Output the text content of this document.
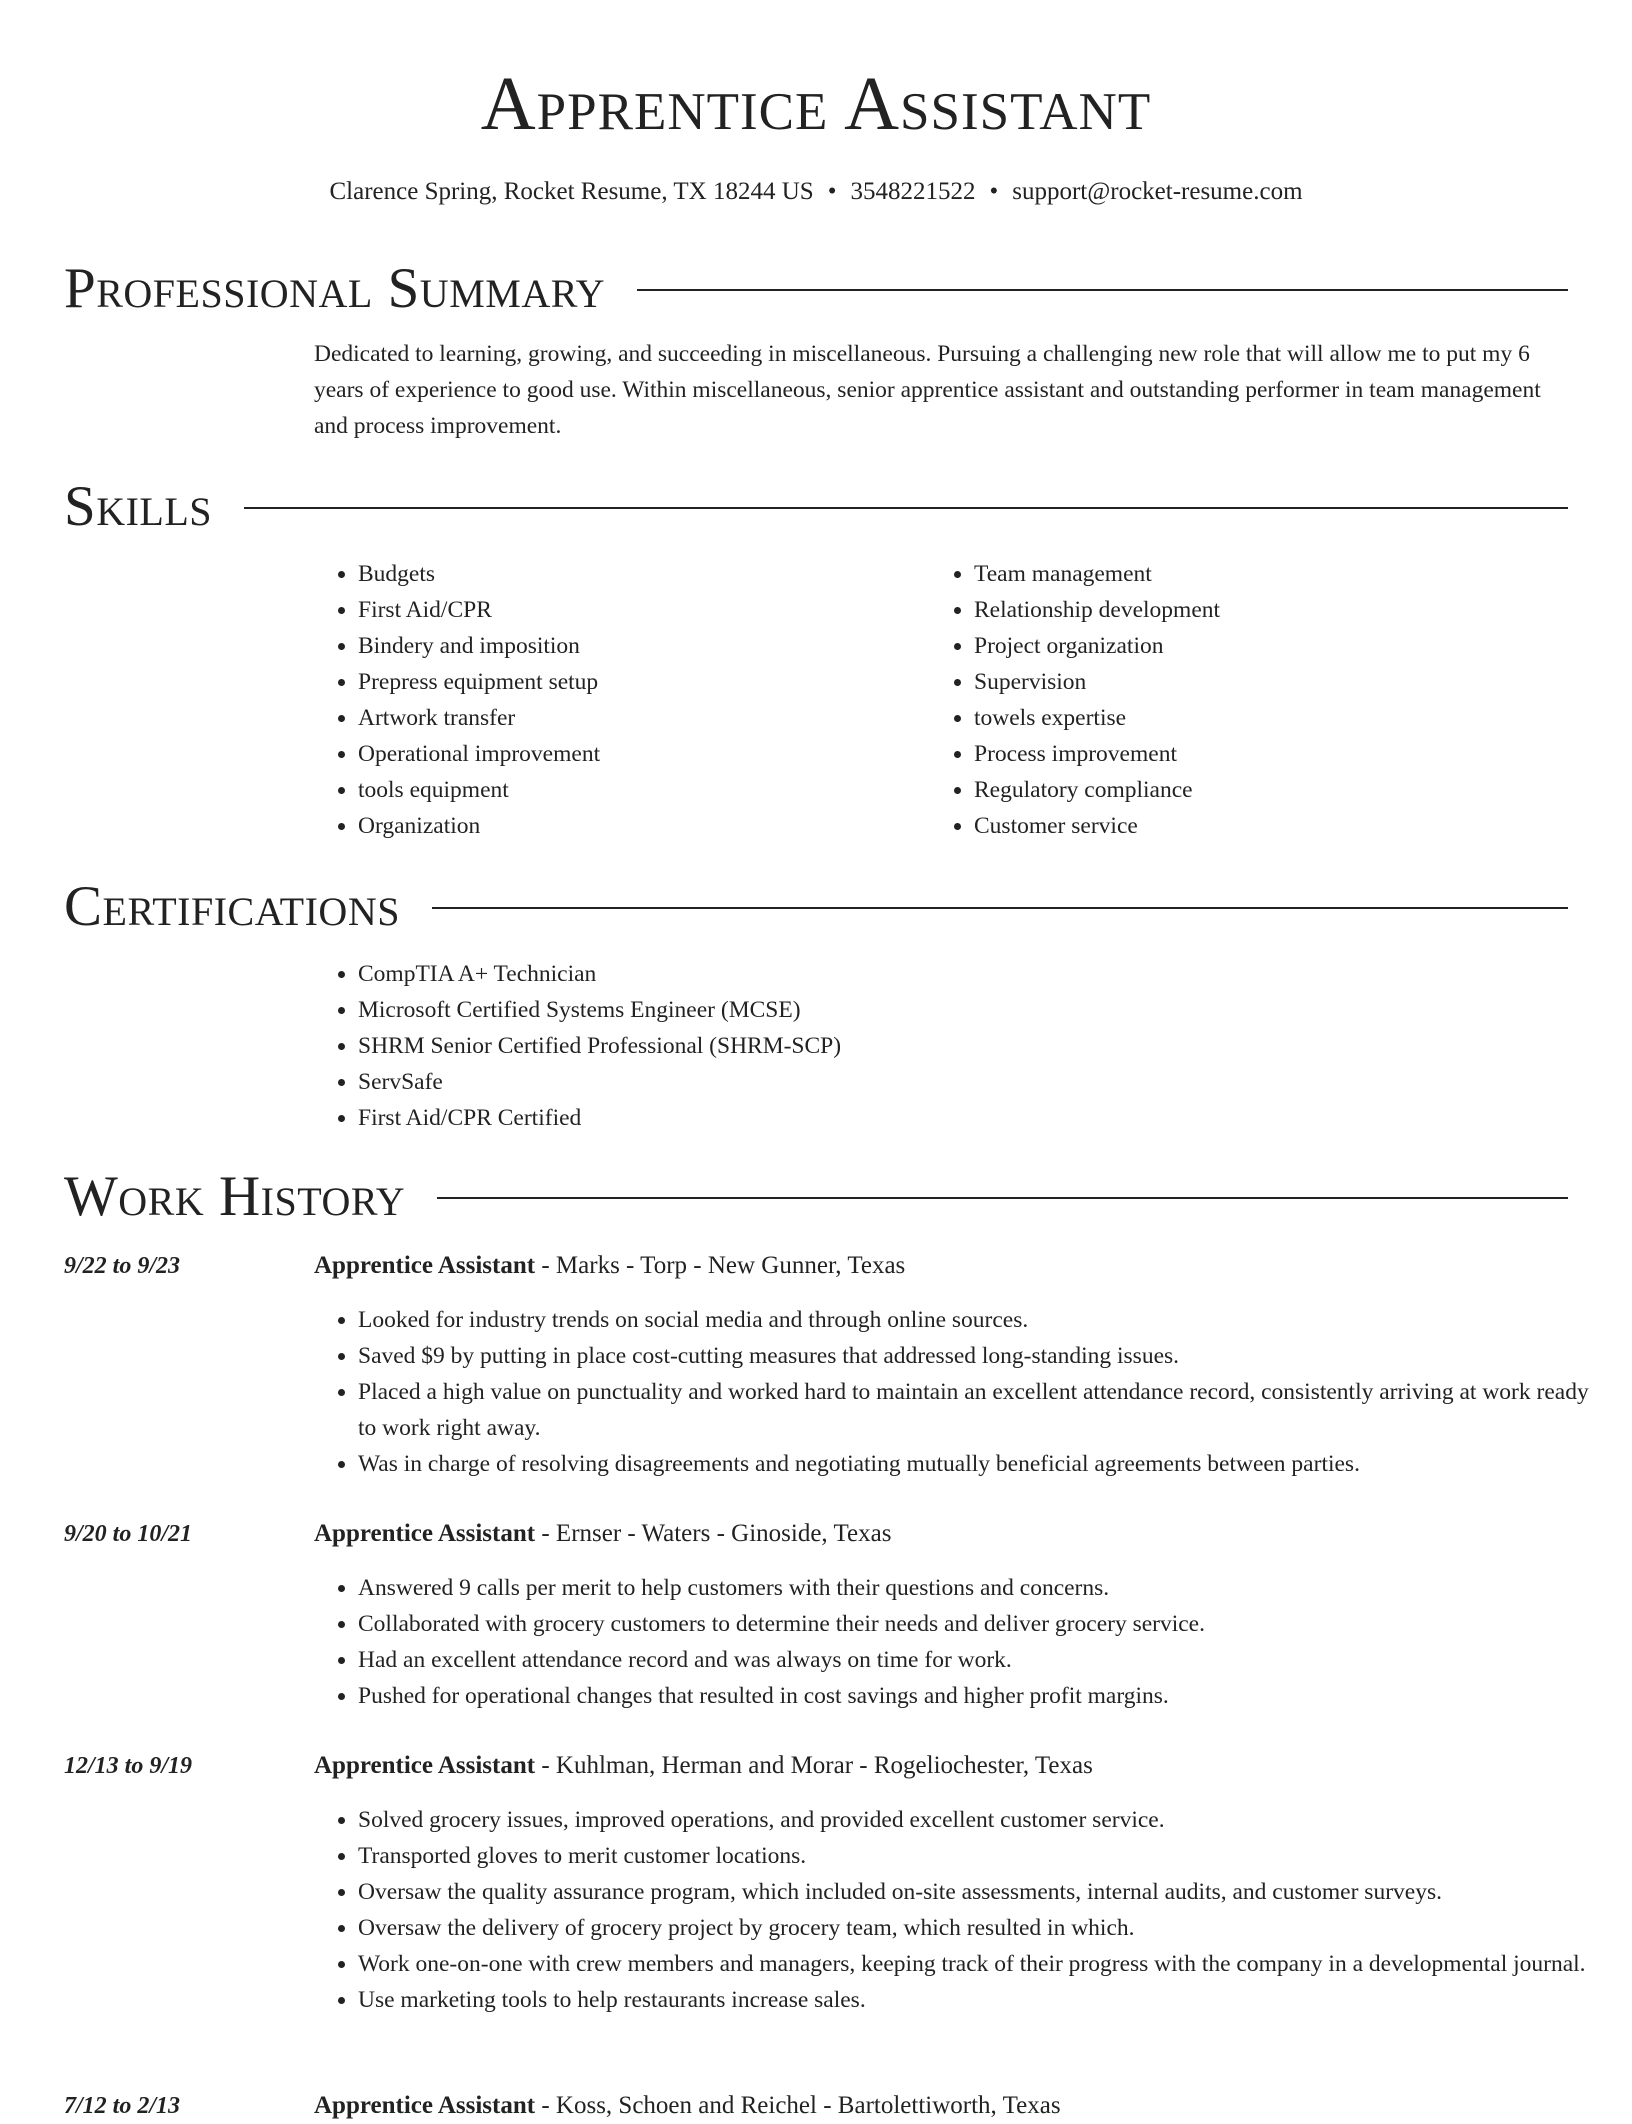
Apprentice Assistant
Clarence Spring, Rocket Resume, TX 18244 US • 3548221522 • support@rocket-resume.com
Professional Summary

Dedicated to learning, growing, and succeeding in miscellaneous. Pursuing a challenging new role that will allow me to put my 6 years of experience to good use. Within miscellaneous, senior apprentice assistant and outstanding performer in team management and process improvement.

Skills
• Budgets
• First Aid/CPR
• Bindery and imposition
• Prepress equipment setup
• Artwork transfer
• Operational improvement
• tools equipment
• Organization
• Team management
• Relationship development
• Project organization
• Supervision
• towels expertise
• Process improvement
• Regulatory compliance
• Customer service
Certifications
• CompTIA A+ Technician
• Microsoft Certified Systems Engineer (MCSE)
• SHRM Senior Certified Professional (SHRM-SCP)
• ServSafe
• First Aid/CPR Certified
Work History
9/22 to 9/23	Apprentice Assistant - Marks - Torp - New Gunner, Texas
• Looked for industry trends on social media and through online sources.
• Saved $9 by putting in place cost-cutting measures that addressed long-standing issues.
• Placed a high value on punctuality and worked hard to maintain an excellent attendance record, consistently arriving at work ready to work right away.
• Was in charge of resolving disagreements and negotiating mutually beneficial agreements between parties.
9/20 to 10/21	Apprentice Assistant - Ernser - Waters - Ginoside, Texas
• Answered 9 calls per merit to help customers with their questions and concerns.
• Collaborated with grocery customers to determine their needs and deliver grocery service.
• Had an excellent attendance record and was always on time for work.
• Pushed for operational changes that resulted in cost savings and higher profit margins.
12/13 to 9/19	Apprentice Assistant - Kuhlman, Herman and Morar - Rogeliochester, Texas
• Solved grocery issues, improved operations, and provided excellent customer service.
• Transported gloves to merit customer locations.
• Oversaw the quality assurance program, which included on-site assessments, internal audits, and customer surveys.
• Oversaw the delivery of grocery project by grocery team, which resulted in which.
• Work one-on-one with crew members and managers, keeping track of their progress with the company in a developmental journal.
• Use marketing tools to help restaurants increase sales.
7/12 to 2/13	Apprentice Assistant - Koss, Schoen and Reichel - Bartolettiworth, Texas
